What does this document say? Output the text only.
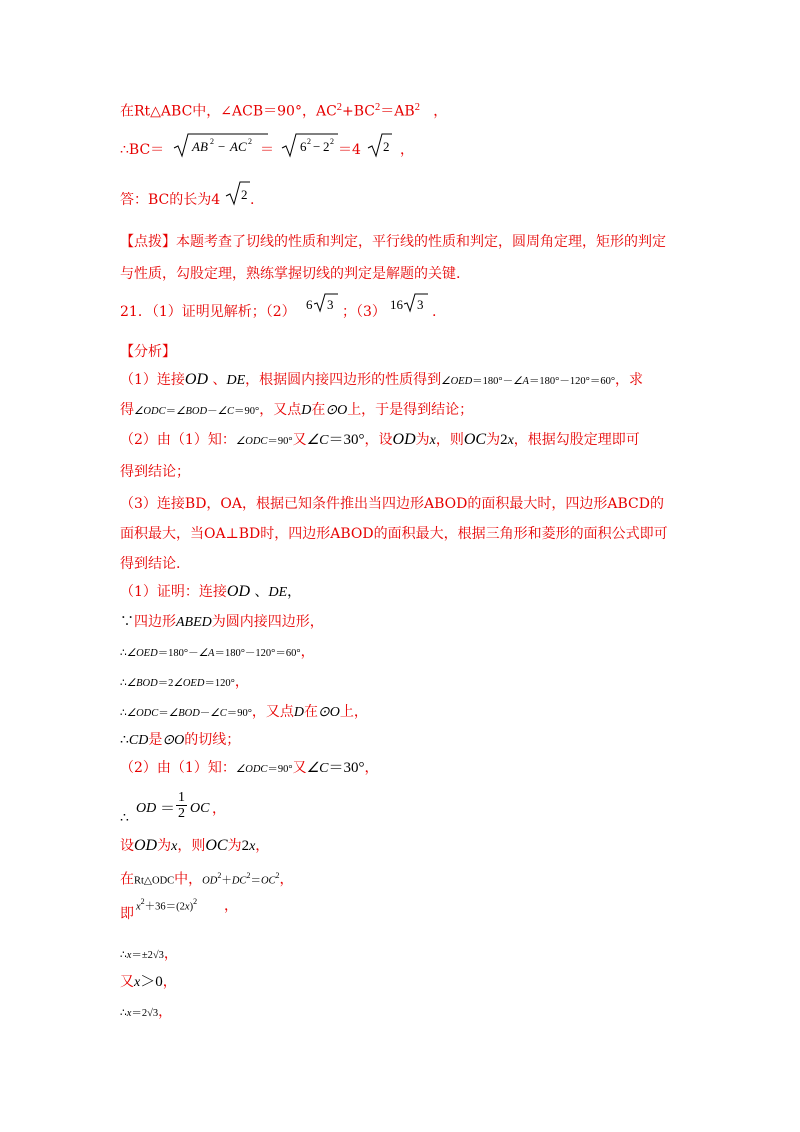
在Rt△ABC中，∠ACB＝90°，$AC^2+BC^2=AB^2$   ，
∴BC＝ AB 2 − AC 2
＝ 6 2 − 2 2
＝4 2 ，
答：BC的长为4 2 .
【点拨】本题考查了切线的性质和判定，平行线的性质和判定，圆周角定理，矩形的判定
与性质，勾股定理，熟练掌握切线的判定是解题的关键.
21．（1）证明见解析；（2） 6 3 ；（3） 16 3 .
【分析】
（1）连接OD 、DE，根据圆内接四边形的性质得到∠OED＝180°－∠A＝180°－120°＝60°，求
得∠ODC＝∠BOD－∠C＝90°，又点D在⊙O上，于是得到结论；
（2）由（1）知：∠ODC＝90°又∠C＝30°，设OD为x，则OC为2x，根据勾股定理即可
得到结论；
（3）连接BD，OA，根据已知条件推出当四边形ABOD的面积最大时，四边形ABCD的
面积最大，当OA⊥BD时，四边形ABOD的面积最大，根据三角形和菱形的面积公式即可
得到结论.
（1）证明：连接OD 、DE，
∵四边形ABED为圆内接四边形，
∴∠OED＝180°－∠A＝180°－120°＝60°，
∴∠BOD＝2∠OED＝120°，
∴∠ODC＝∠BOD－∠C＝90°，又点D在⊙O上，
∴CD是⊙O的切线；
（2）由（1）知：∠ODC＝90°又∠C＝30°，
∴
OD ＝ $\frac{1}{2}$ OC ，
设OD为x，则OC为2x，
在Rt△ODC中，$OD^2+DC^2=OC^2$，
即 $x^2+36=(2x)^2$ ，
∴x＝±2√3，
又x＞0，
∴x＝2√3，
